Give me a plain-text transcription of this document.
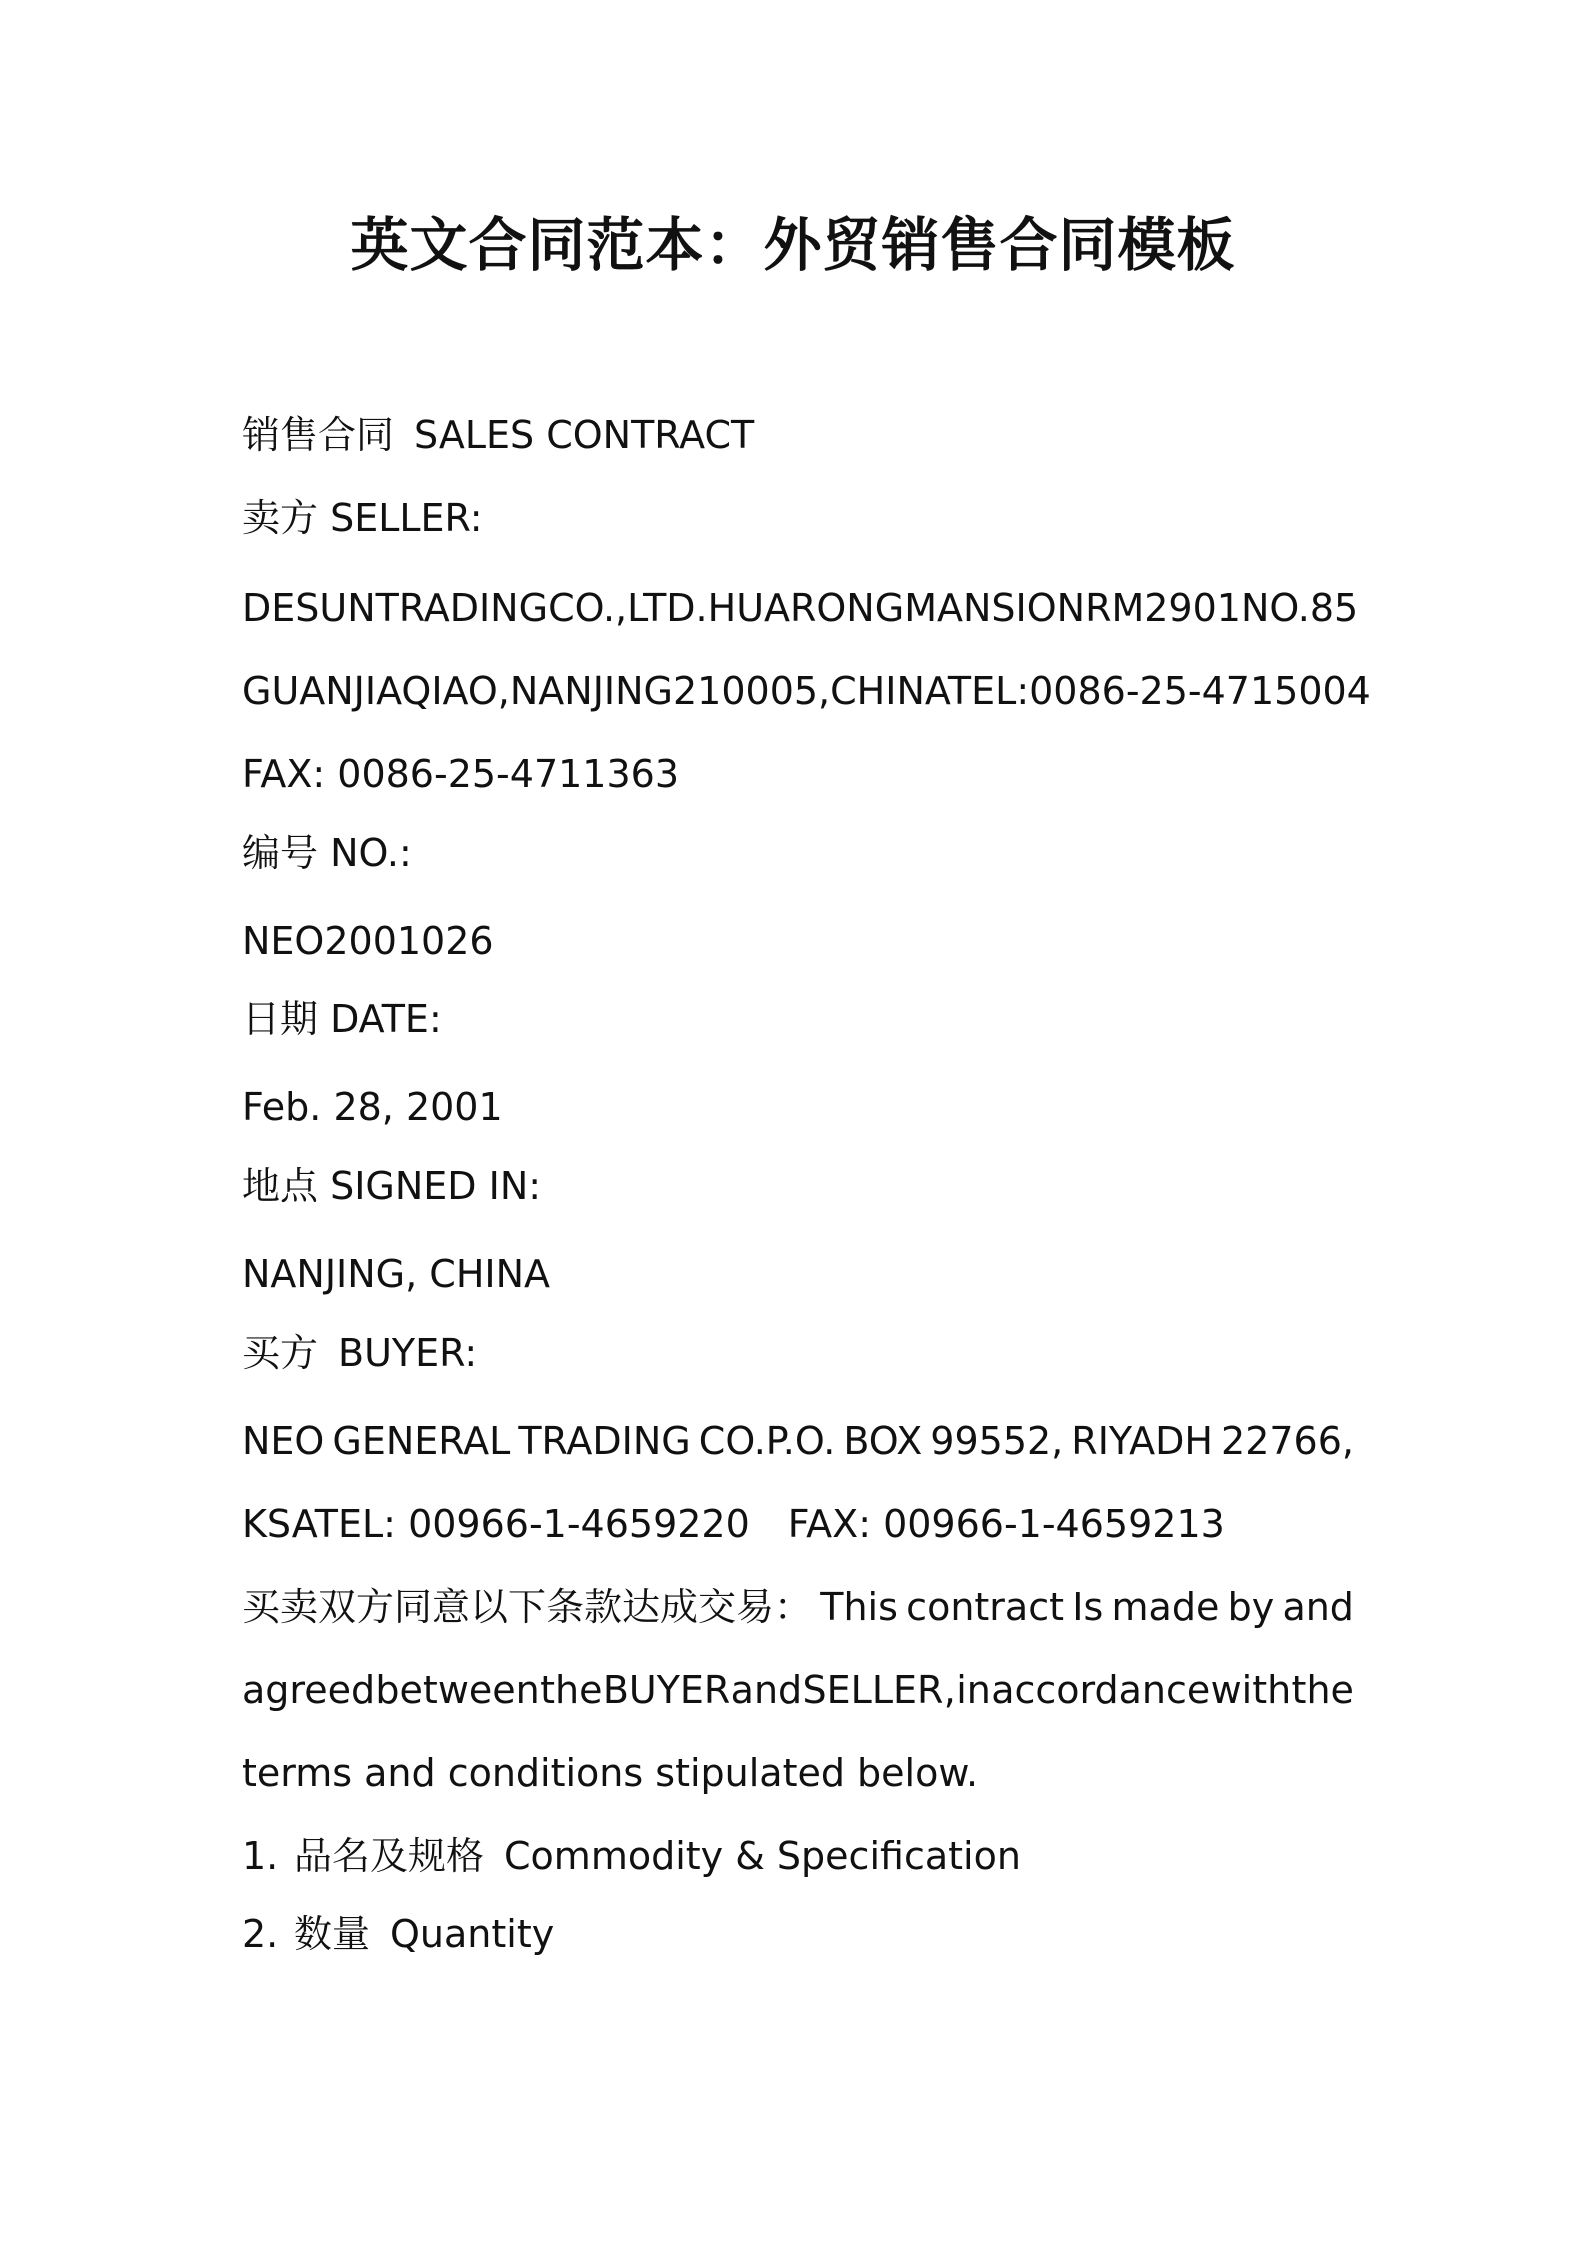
英文合同范本：外贸销售合同模板
销售合同 SALES CONTRACT
卖方 SELLER:
DESUN TRADING CO., LTD.HUARONG MANSION RM2901 NO.85
GUANJIAQIAO,NANJING 210005, CHINATEL: 0086-25-4715004
FAX: 0086-25-4711363
编号 NO.:
NEO2001026
日期 DATE:
Feb. 28, 2001
地点 SIGNED IN:
NANJING, CHINA
买方 BUYER:
NEO GENERAL TRADING CO.P.O. BOX 99552, RIYADH 22766,
KSATEL: 00966-1-4659220 FAX: 00966-1-4659213
买卖双方同意以下条款达成交易： This contract Is made by and
agreed between the BUYER and SELLER , in accordance with the
terms and conditions stipulated below.
1. 品名及规格 Commodity & Specification
2. 数量 Quantity
